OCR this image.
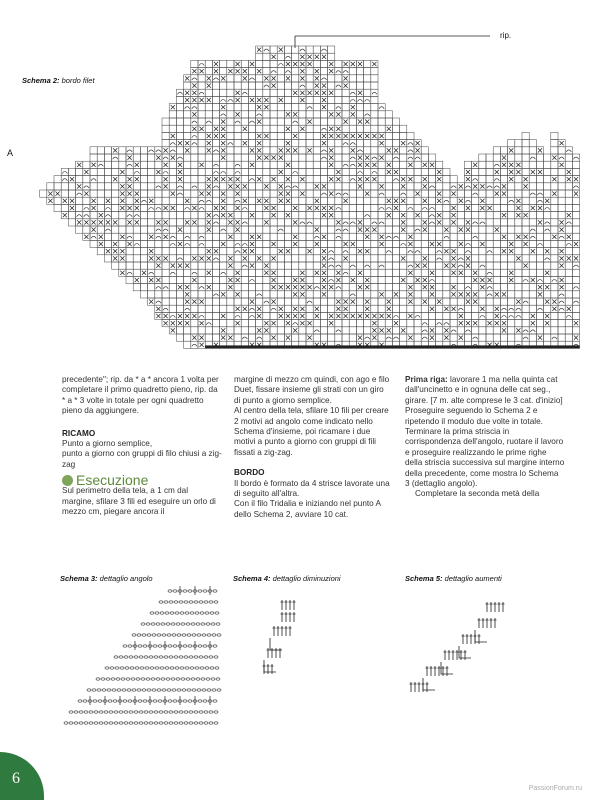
rip.
Schema 2: bordo filet
A

precedente"; rip. da * a * ancora 1 volta per completare il primo quadretto pieno, rip. da * a * 3 volte in totale per ogni quadretto pieno da aggiungere.

RICAMO

Punto a giorno semplice,

punto a giorno con gruppi di filo chiusi a zig-zag

Esecuzione

Sul perimetro della tela, a 1 cm dal margine, sfilare 3 fili ed eseguire un orlo di mezzo cm, piegare ancora il

margine di mezzo cm quindi, con ago e filo Duet, fissare insieme gli strati con un giro di punto a giorno semplice.

Al centro della tela, sfilare 10 fili per creare 2 motivi ad angolo come indicato nello Schema d'insieme, poi ricamare i due motivi a punto a giorno con gruppi di fili fissati a zig-zag.

BORDO

Il bordo è formato da 4 strisce lavorate una di seguito all'altra.

Con il filo Tridalia e iniziando nel punto A dello Schema 2, avviare 10 cat.

Prima riga: lavorare 1 ma nella quinta cat dall'uncinetto e in ognuna delle cat seg., girare. [7 m. alte comprese le 3 cat. d'inizio]

Proseguire seguendo lo Schema 2 e ripetendo il modulo due volte in totale. Terminare la prima striscia in corrispondenza dell'angolo, ruotare il lavoro e proseguire realizzando le prime righe della striscia successiva sul margine interno della precedente, come mostra lo Schema 3 (dettaglio angolo).

Completare la seconda metà della

Schema 3: dettaglio angolo	Schema 4: dettaglio diminuzioni	Schema 5: dettaglio aumenti
6
PassionForum.ru
